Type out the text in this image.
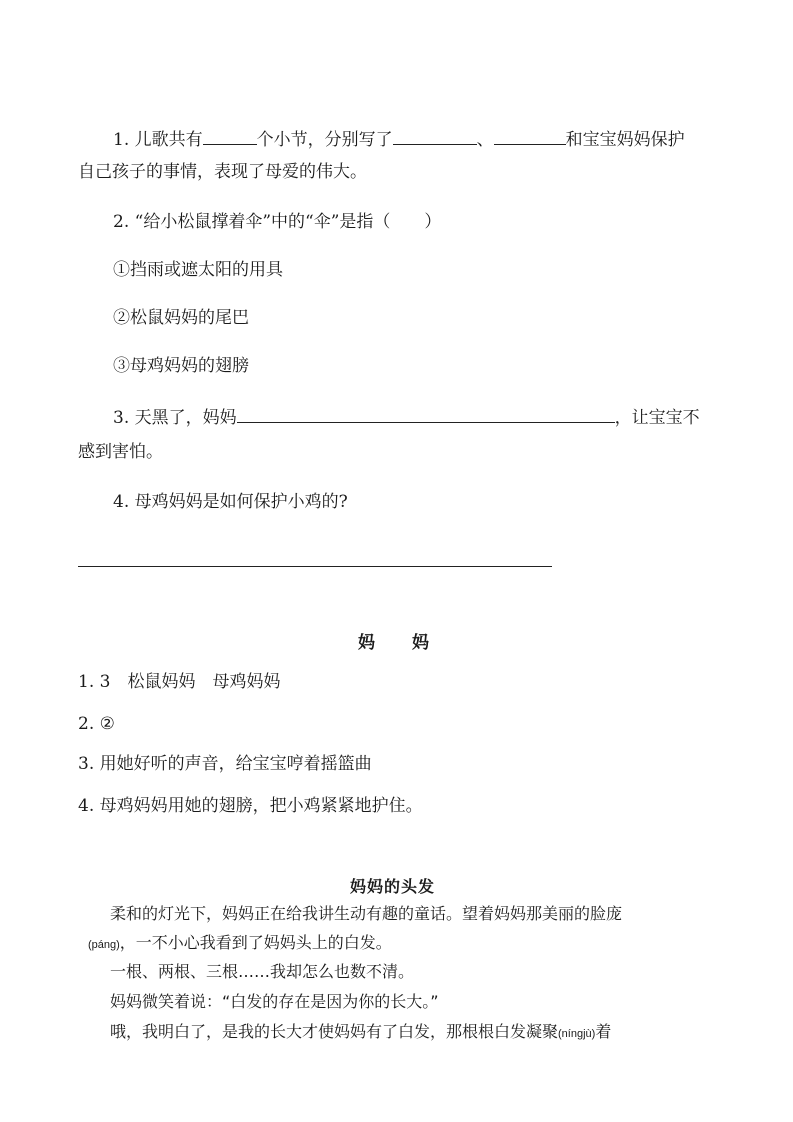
1. 儿歌共有	个小节，分别写了	、	和宝宝妈妈保护
自己孩子的事情，表现了母爱的伟大。
2. “给小松鼠撑着伞”中的“伞”是指（　　）
①挡雨或遮太阳的用具
②松鼠妈妈的尾巴
③母鸡妈妈的翅膀
3. 天黑了，妈妈	，让宝宝不
感到害怕。
4. 母鸡妈妈是如何保护小鸡的?
妈　　妈
1. 3　松鼠妈妈　母鸡妈妈
2. ②
3. 用她好听的声音，给宝宝哼着摇篮曲
4. 母鸡妈妈用她的翅膀，把小鸡紧紧地护住。
妈妈的头发
柔和的灯光下，妈妈正在给我讲生动有趣的童话。望着妈妈那美丽的脸庞
(páng)，一不小心我看到了妈妈头上的白发。
一根、两根、三根……我却怎么也数不清。
妈妈微笑着说：“白发的存在是因为你的长大。”
哦，我明白了，是我的长大才使妈妈有了白发，那根根白发凝聚(níngjù)着
